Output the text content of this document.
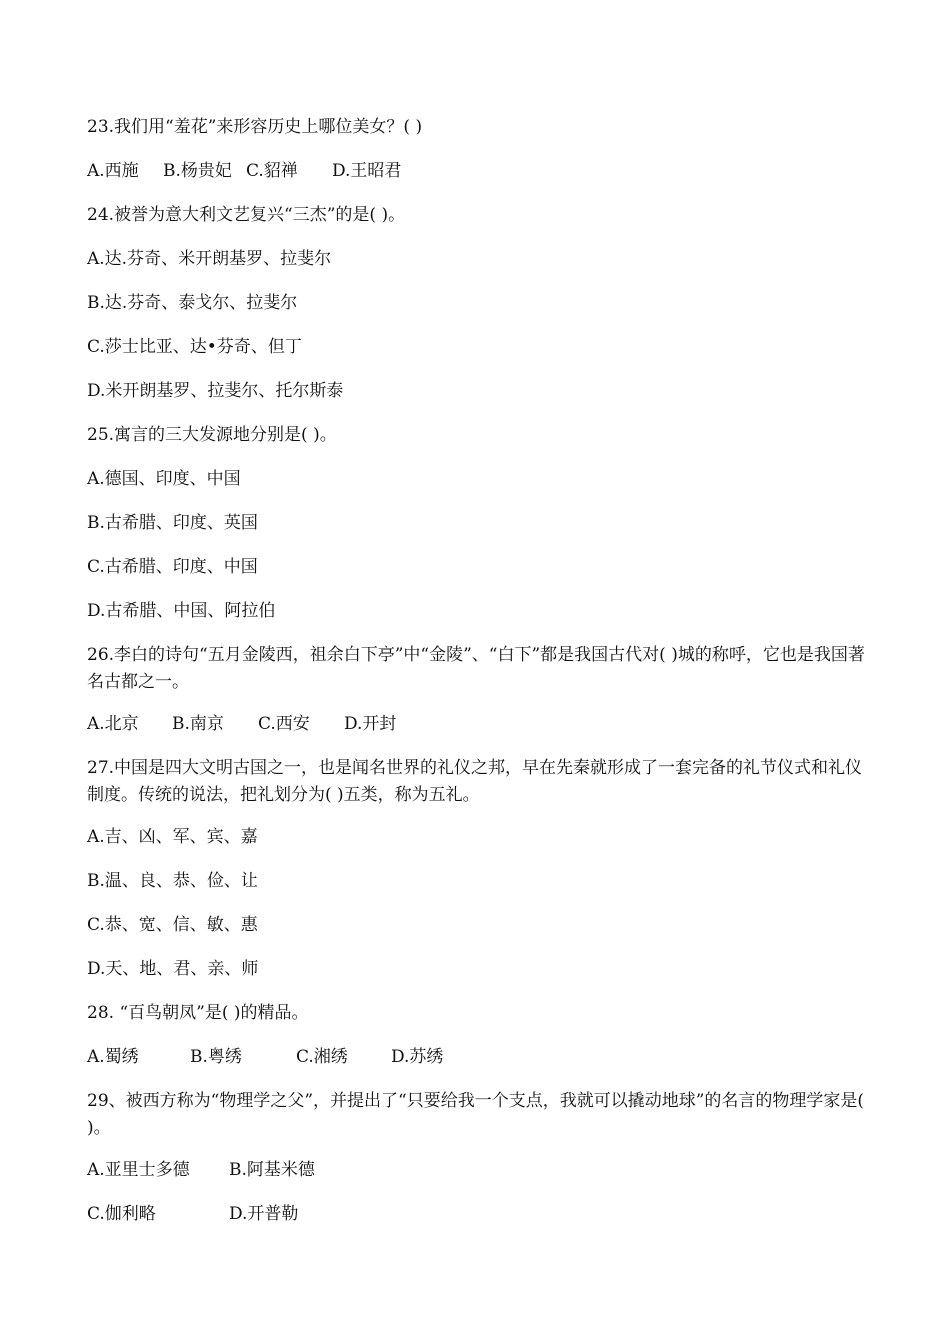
23.我们用“羞花”来形容历史上哪位美女？( )
A.西施 B.杨贵妃 C.貂禅 D.王昭君
24.被誉为意大利文艺复兴“三杰”的是( )。
A.达.芬奇、米开朗基罗、拉斐尔
B.达.芬奇、泰戈尔、拉斐尔
C.莎士比亚、达•芬奇、但丁
D.米开朗基罗、拉斐尔、托尔斯泰
25.寓言的三大发源地分别是( )。
A.德国、印度、中国
B.古希腊、印度、英国
C.古希腊、印度、中国
D.古希腊、中国、阿拉伯
26.李白的诗句“五月金陵西，祖余白下亭”中“金陵”、“白下”都是我国古代对( )城的称呼，它也是我国著名古都之一。
A.北京 B.南京 C.西安 D.开封
27.中国是四大文明古国之一，也是闻名世界的礼仪之邦，早在先秦就形成了一套完备的礼节仪式和礼仪制度。传统的说法，把礼划分为( )五类，称为五礼。
A.吉、凶、军、宾、嘉
B.温、良、恭、俭、让
C.恭、宽、信、敏、惠
D.天、地、君、亲、师
28. “百鸟朝凤”是( )的精品。
A.蜀绣	B.粤绣	C.湘绣	D.苏绣
29、被西方称为“物理学之父”，并提出了“只要给我一个支点，我就可以撬动地球”的名言的物理学家是( )。
A.亚里士多德 B.阿基米德
C.伽利略	D.开普勒
